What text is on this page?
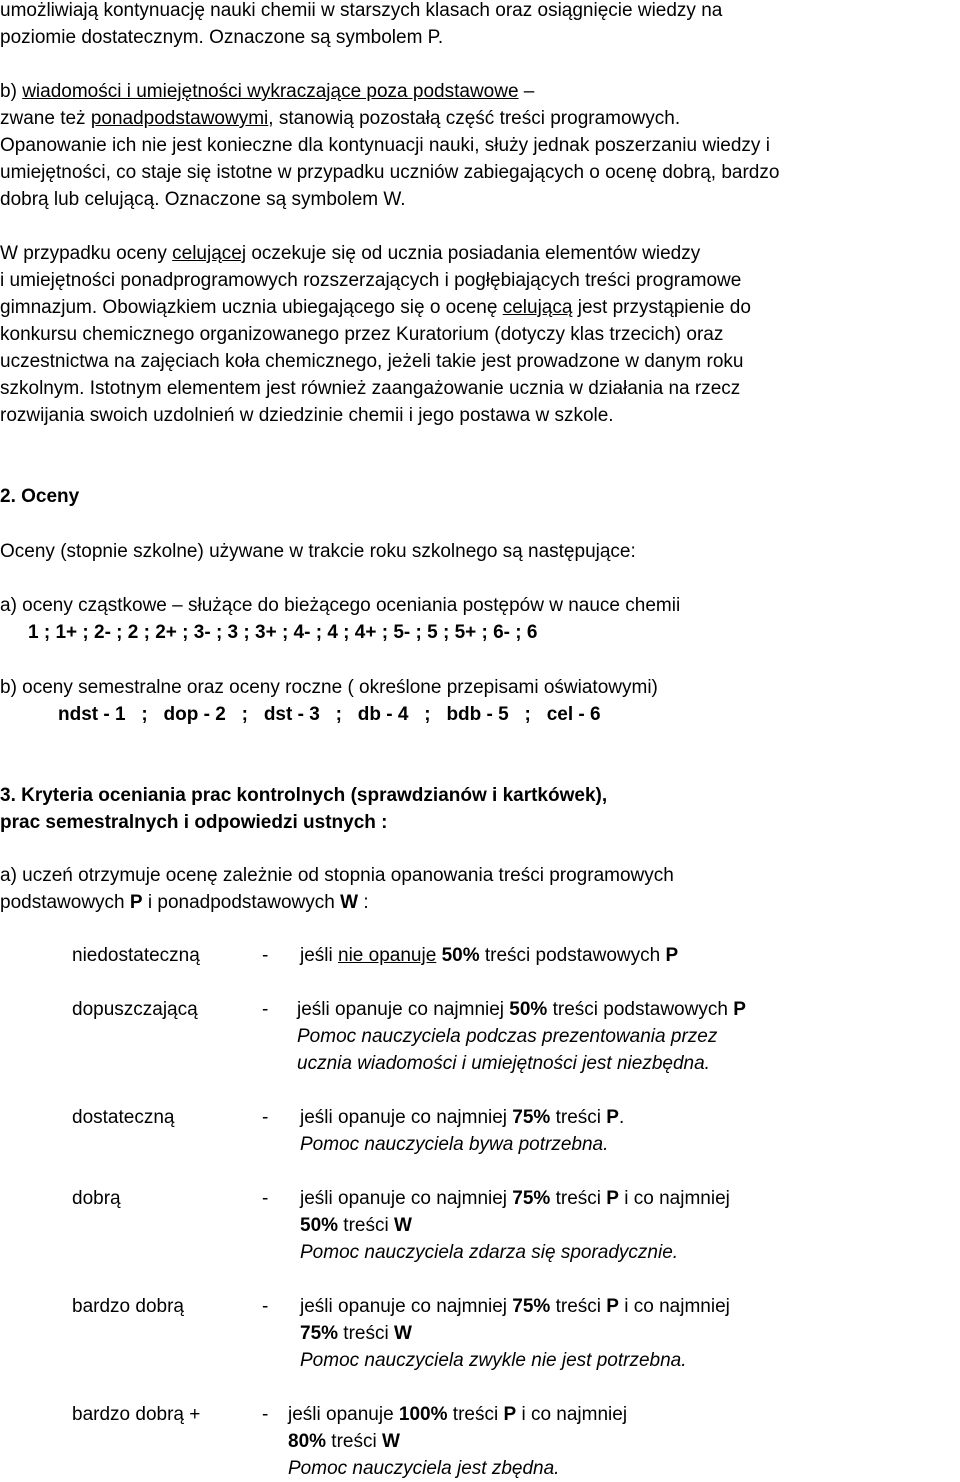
umożliwiają kontynuację nauki chemii w starszych klasach oraz osiągnięcie wiedzy na
poziomie dostatecznym. Oznaczone są symbolem P.
b) wiadomości i umiejętności wykraczające poza podstawowe –
zwane też ponadpodstawowymi, stanowią pozostałą część treści programowych.
Opanowanie ich nie jest konieczne dla kontynuacji nauki, służy jednak poszerzaniu wiedzy i
umiejętności, co staje się istotne w przypadku uczniów zabiegających o ocenę dobrą, bardzo
dobrą lub celującą. Oznaczone są symbolem W.
W przypadku oceny celującej oczekuje się od ucznia posiadania elementów wiedzy
i umiejętności ponadprogramowych rozszerzających i pogłębiających treści programowe
gimnazjum. Obowiązkiem ucznia ubiegającego się o ocenę celującą jest przystąpienie do
konkursu chemicznego organizowanego przez Kuratorium (dotyczy klas trzecich) oraz
uczestnictwa na zajęciach koła chemicznego, jeżeli takie jest prowadzone w danym roku
szkolnym. Istotnym elementem jest również zaangażowanie ucznia w działania na rzecz
rozwijania swoich uzdolnień w dziedzinie chemii i jego postawa w szkole.
2. Oceny
Oceny (stopnie szkolne) używane w trakcie roku szkolnego są następujące:
a) oceny cząstkowe – służące do bieżącego oceniania postępów w nauce chemii
1 ; 1+ ; 2- ; 2 ; 2+ ; 3- ; 3 ; 3+ ; 4- ; 4 ; 4+ ; 5- ; 5 ; 5+ ; 6- ; 6
b) oceny semestralne oraz oceny roczne ( określone przepisami oświatowymi)
ndst - 1   ;   dop - 2   ;   dst - 3   ;   db - 4   ;   bdb - 5   ;   cel - 6
3. Kryteria oceniania prac kontrolnych (sprawdzianów i kartkówek),
prac semestralnych i odpowiedzi ustnych :
a) uczeń otrzymuje ocenę zależnie od stopnia opanowania treści programowych
podstawowych P i ponadpodstawowych W :
niedostateczną	- jeśli nie opanuje 50% treści podstawowych P
dopuszczającą	- jeśli opanuje co najmniej 50% treści podstawowych P
Pomoc nauczyciela podczas prezentowania przez
ucznia wiadomości i umiejętności jest niezbędna.
dostateczną	- jeśli opanuje co najmniej 75% treści P.
Pomoc nauczyciela bywa potrzebna.
dobrą	- jeśli opanuje co najmniej 75% treści P i co najmniej
50% treści W
Pomoc nauczyciela zdarza się sporadycznie.
bardzo dobrą	- jeśli opanuje co najmniej 75% treści P i co najmniej
75% treści W
Pomoc nauczyciela zwykle nie jest potrzebna.
bardzo dobrą +	- jeśli opanuje 100% treści P i co najmniej
80% treści W
Pomoc nauczyciela jest zbędna.
